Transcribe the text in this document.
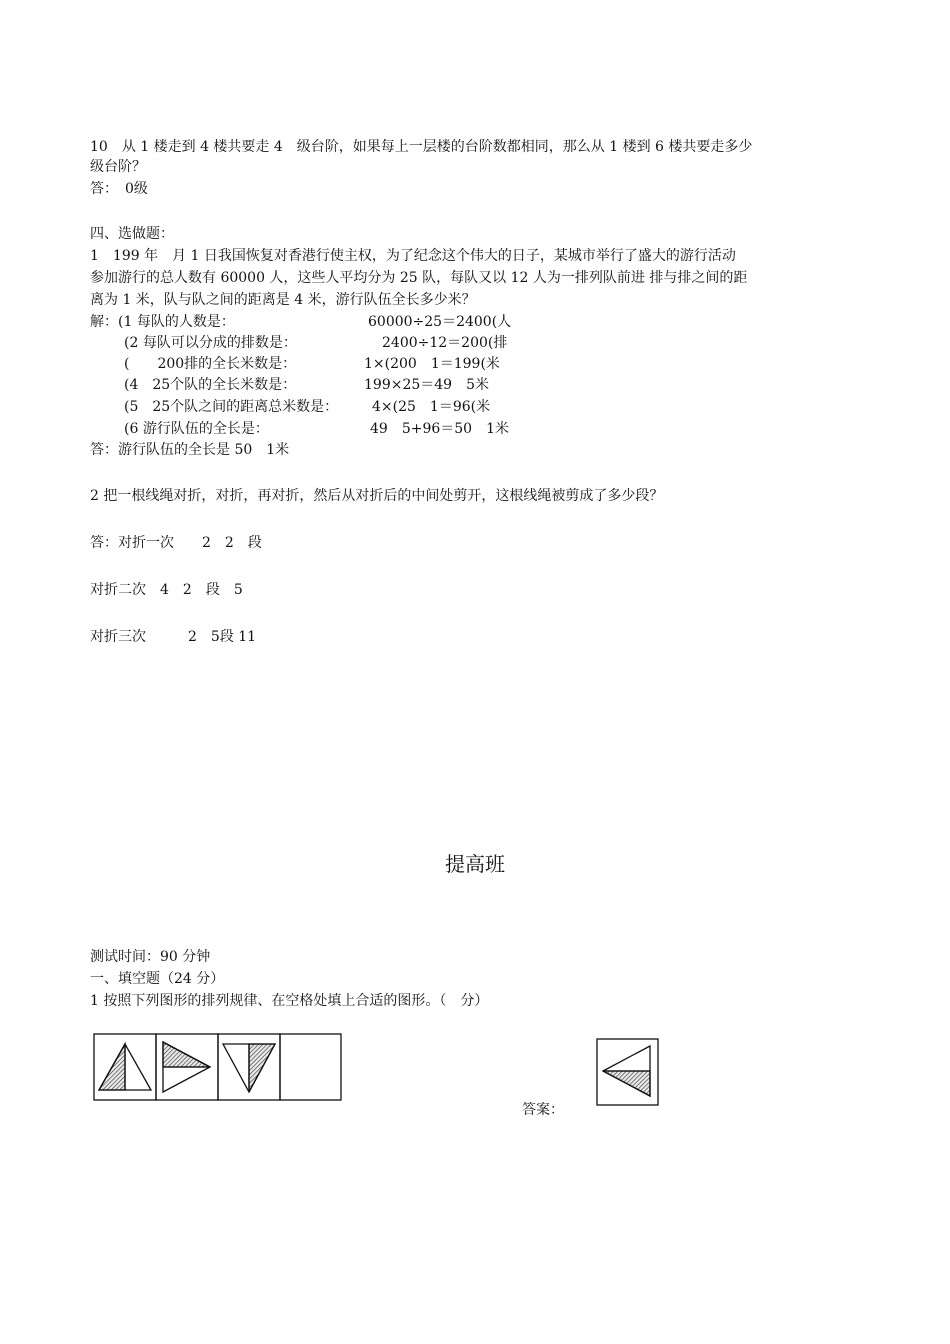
10　从 1 楼走到 4 楼共要走 4　级台阶，如果每上一层楼的台阶数都相同，那么从 1 楼到 6 楼共要走多少
级台阶？
答：　0级
四、选做题：
1　199 年　月 1 日我国恢复对香港行使主权，为了纪念这个伟大的日子，某城市举行了盛大的游行活动
参加游行的总人数有 60000 人，这些人平均分为 25 队，每队又以 12 人为一排列队前进 排与排之间的距
离为 1 米，队与队之间的距离是 4 米，游行队伍全长多少米？
解：(1 每队的人数是：	60000÷25＝2400(人
(2 每队可以分成的排数是：	2400÷12＝200(排
(　　200排的全长米数是：	1×(200　1＝199(米
(4　25个队的全长米数是：	199×25＝49　5米
(5　25个队之间的距离总米数是： 4×(25　1＝96(米
(6 游行队伍的全长是：	49　5+96＝50　1米
答：游行队伍的全长是 50　1米
2 把一根线绳对折，对折，再对折，然后从对折后的中间处剪开，这根线绳被剪成了多少段？
答：对折一次　　2　2　段
对折二次　4　2　段　5
对折三次　　　2　5段 11
提高班
测试时间：90 分钟
一、填空题（24 分）
1 按照下列图形的排列规律、在空格处填上合适的图形。（　分）
答案：
